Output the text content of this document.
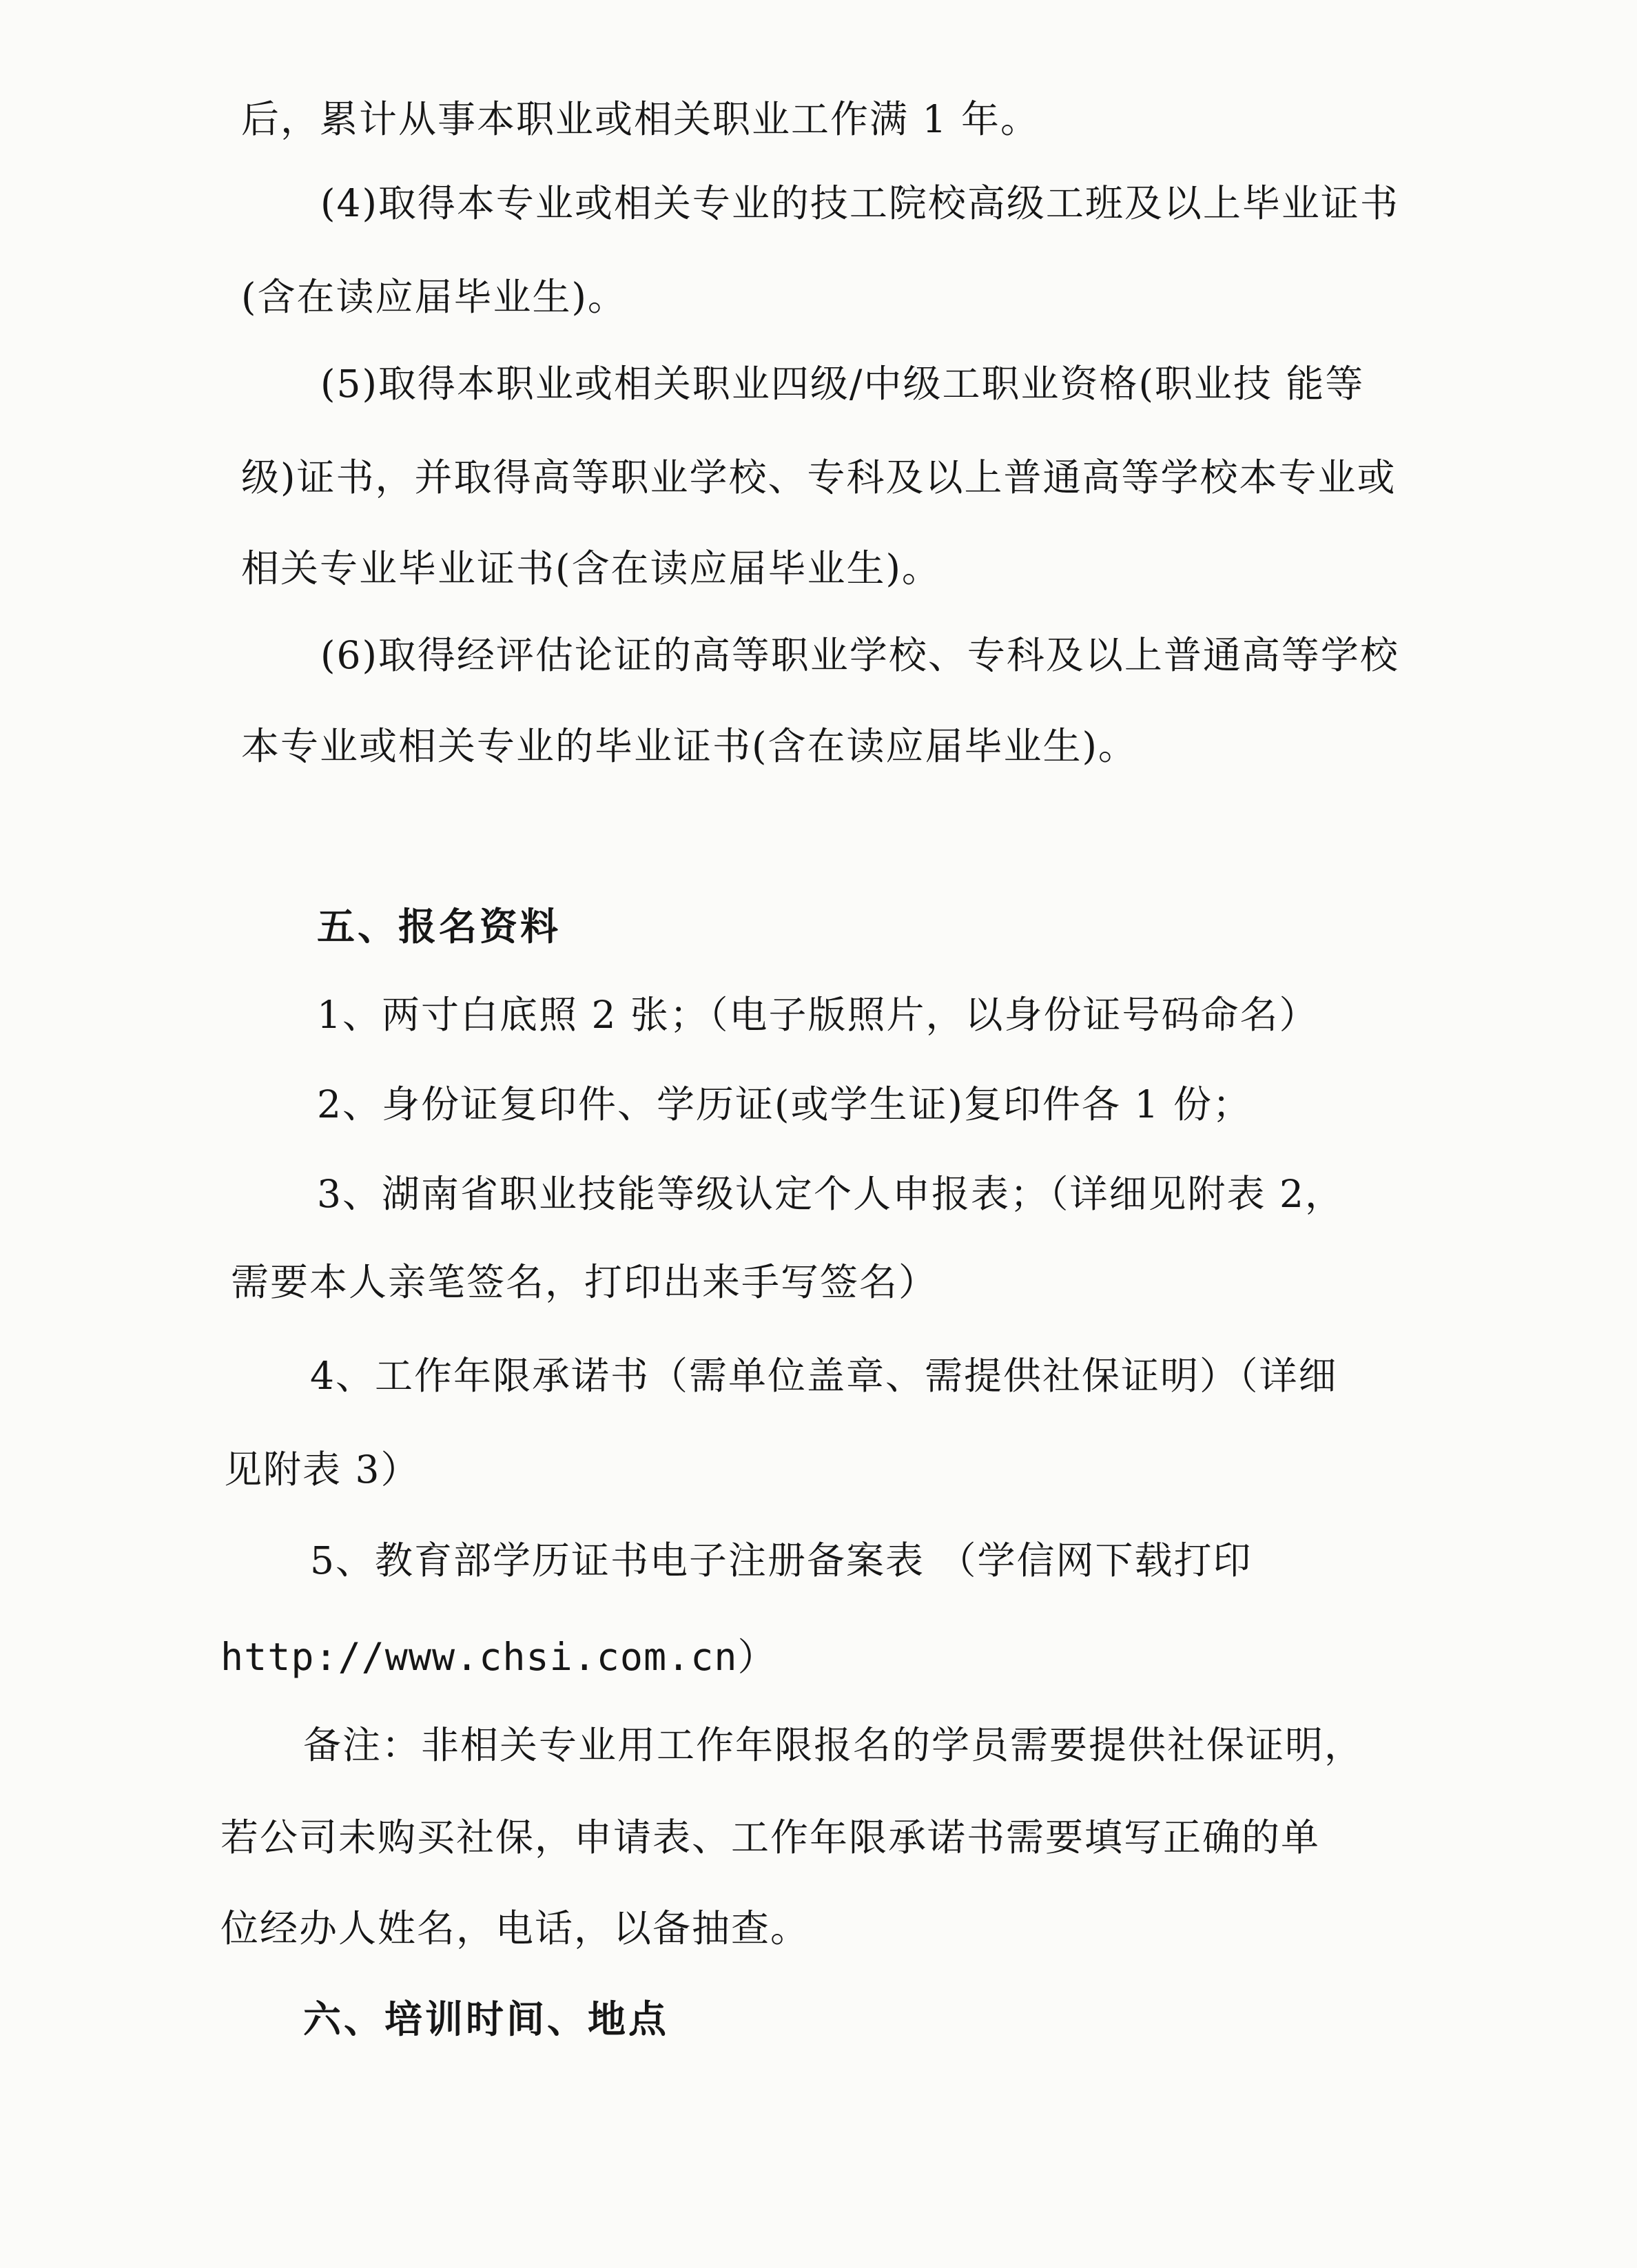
后，累计从事本职业或相关职业工作满 1 年。
(4)取得本专业或相关专业的技工院校高级工班及以上毕业证书
(含在读应届毕业生)。
(5)取得本职业或相关职业四级/中级工职业资格(职业技 能等
级)证书，并取得高等职业学校、专科及以上普通高等学校本专业或
相关专业毕业证书(含在读应届毕业生)。
(6)取得经评估论证的高等职业学校、专科及以上普通高等学校
本专业或相关专业的毕业证书(含在读应届毕业生)。
五、报名资料
1、两寸白底照 2 张；（电子版照片，以身份证号码命名）
2、身份证复印件、学历证(或学生证)复印件各 1 份；
3、湖南省职业技能等级认定个人申报表；（详细见附表 2，
需要本人亲笔签名，打印出来手写签名）
4、工作年限承诺书（需单位盖章、需提供社保证明）（详细
见附表 3）
5、教育部学历证书电子注册备案表 （学信网下载打印
http://www.chsi.com.cn）
备注：非相关专业用工作年限报名的学员需要提供社保证明，
若公司未购买社保，申请表、工作年限承诺书需要填写正确的单
位经办人姓名，电话，以备抽查。
六、培训时间、地点
